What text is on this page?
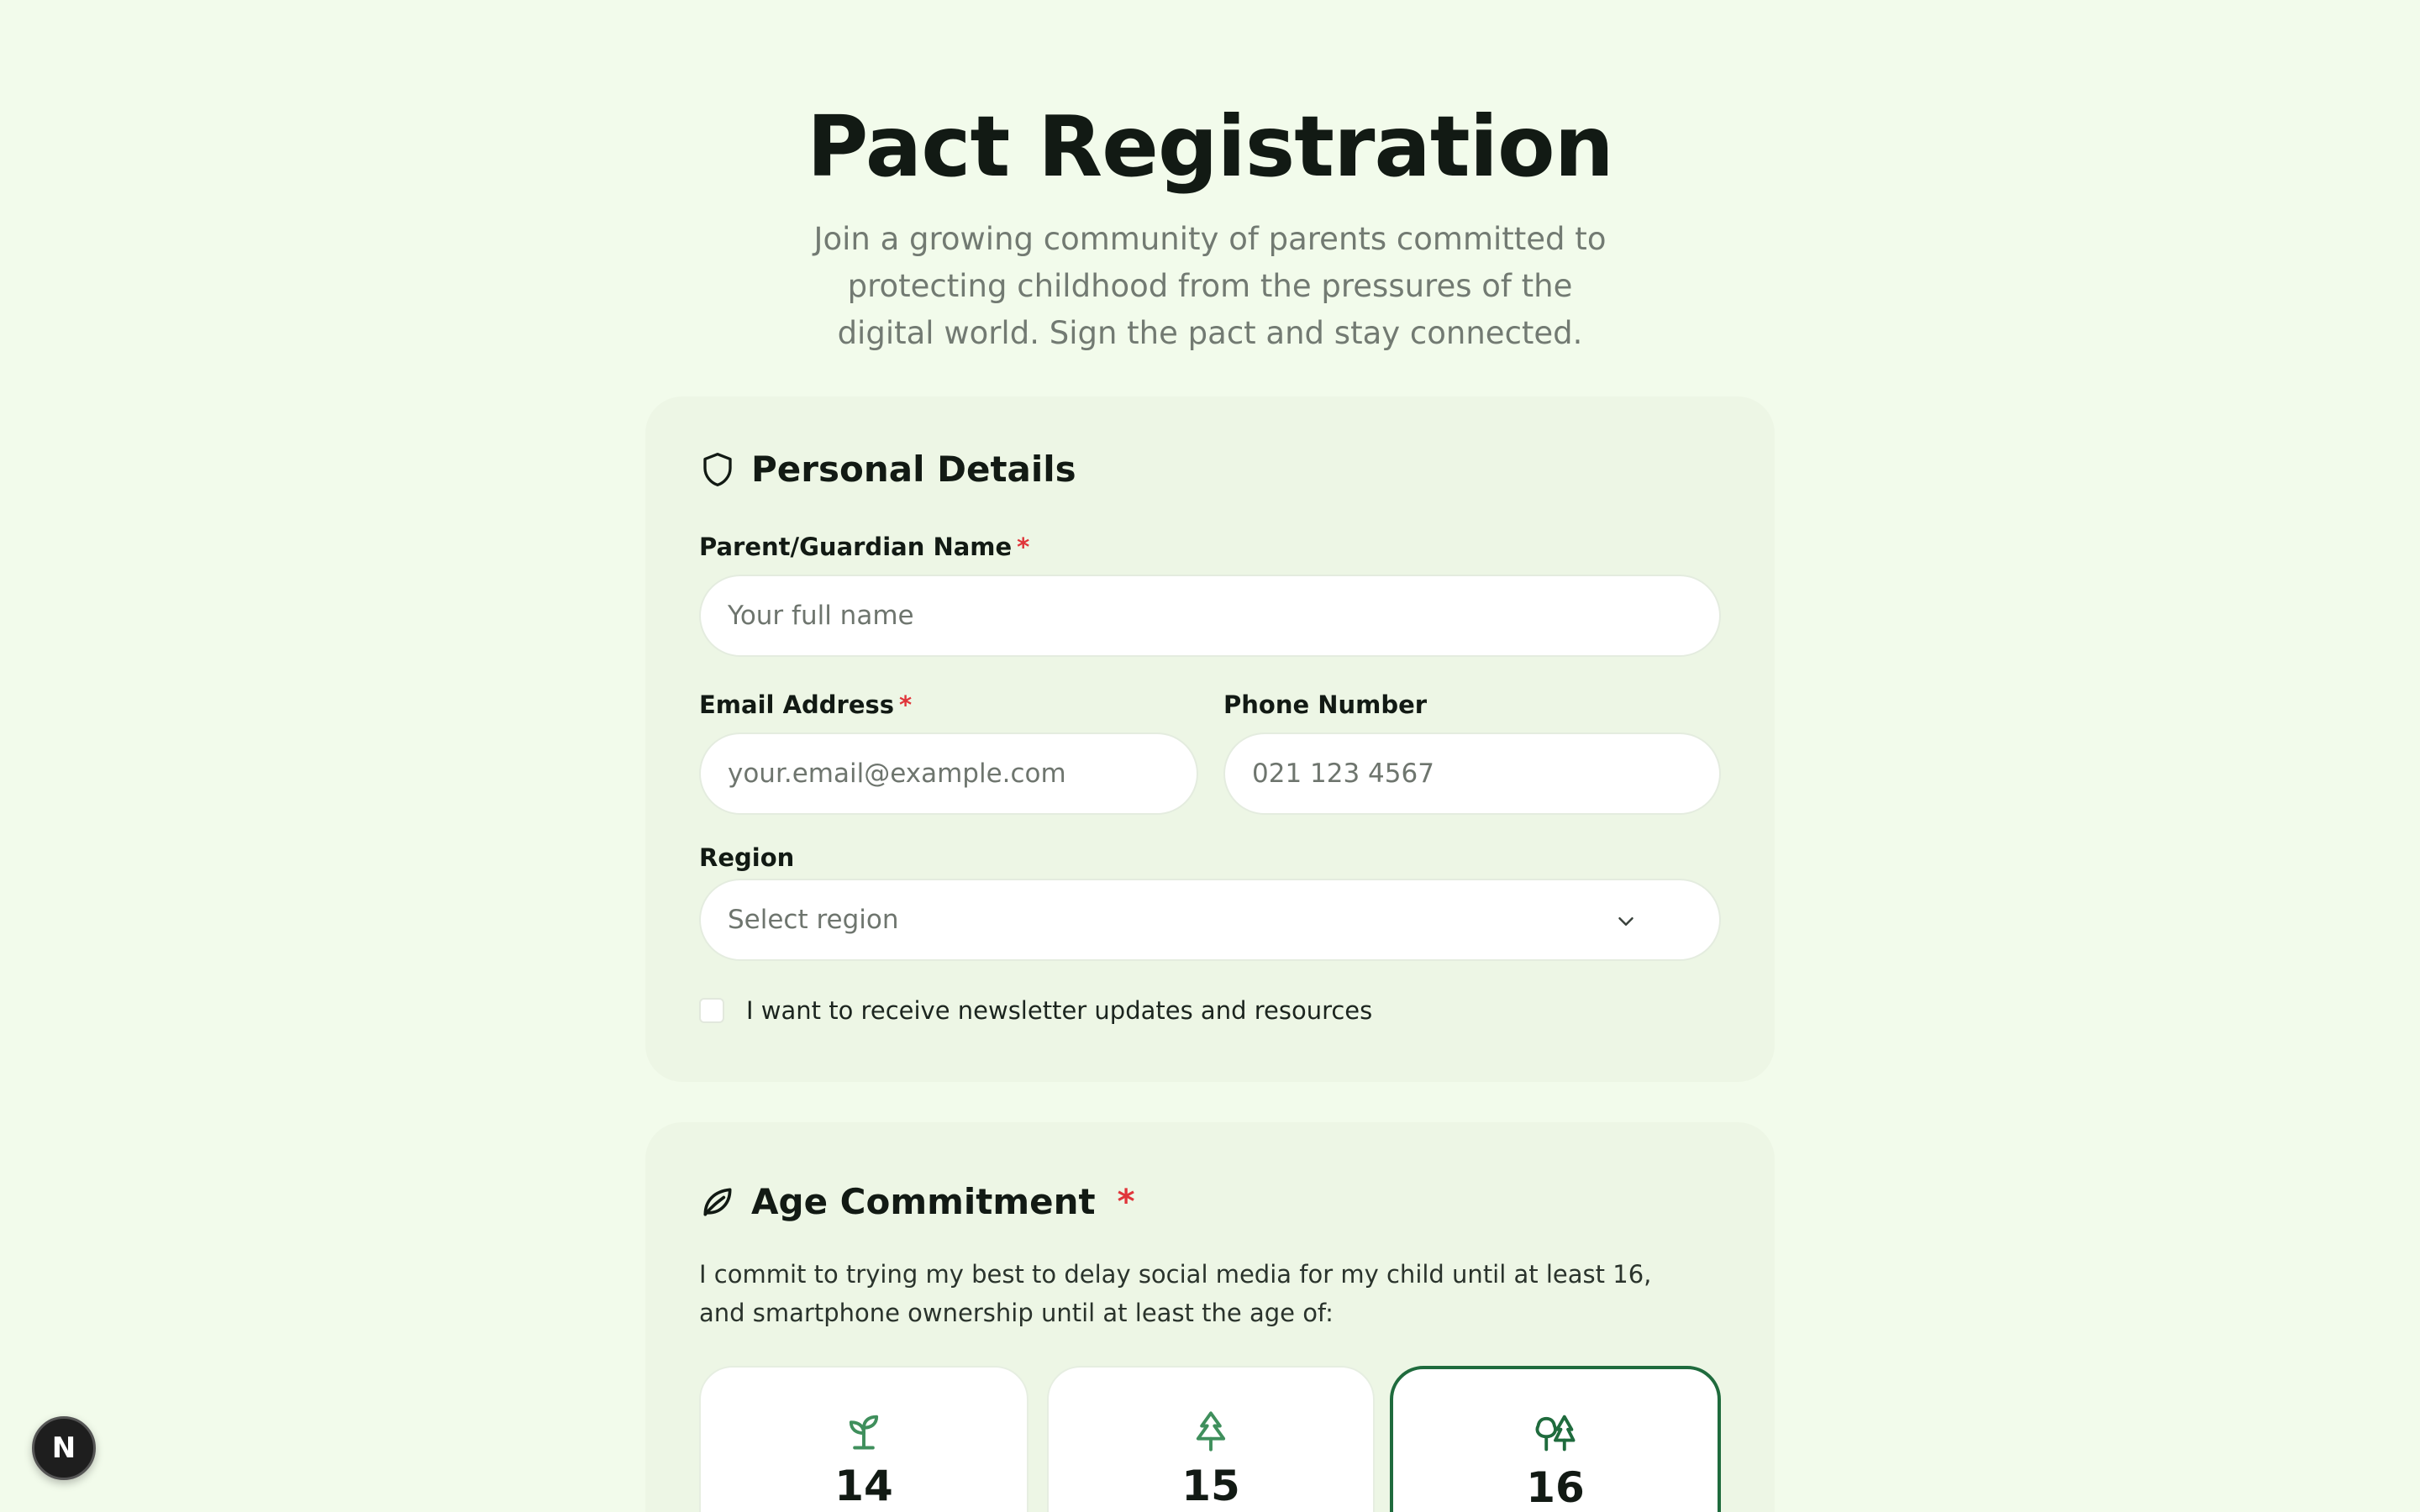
Pact Registration

Join a growing community of parents committed to protecting childhood from the pressures of the digital world. Sign the pact and stay connected.

Personal Details
Parent/Guardian Name *
Your full name
Email Address *
your.email@example.com
Phone Number
021 123 4567
Region
Select region
I want to receive newsletter updates and resources
Age Commitment *

I commit to trying my best to delay social media for my child until at least 16, and smartphone ownership until at least the age of:

14	15	16
N
